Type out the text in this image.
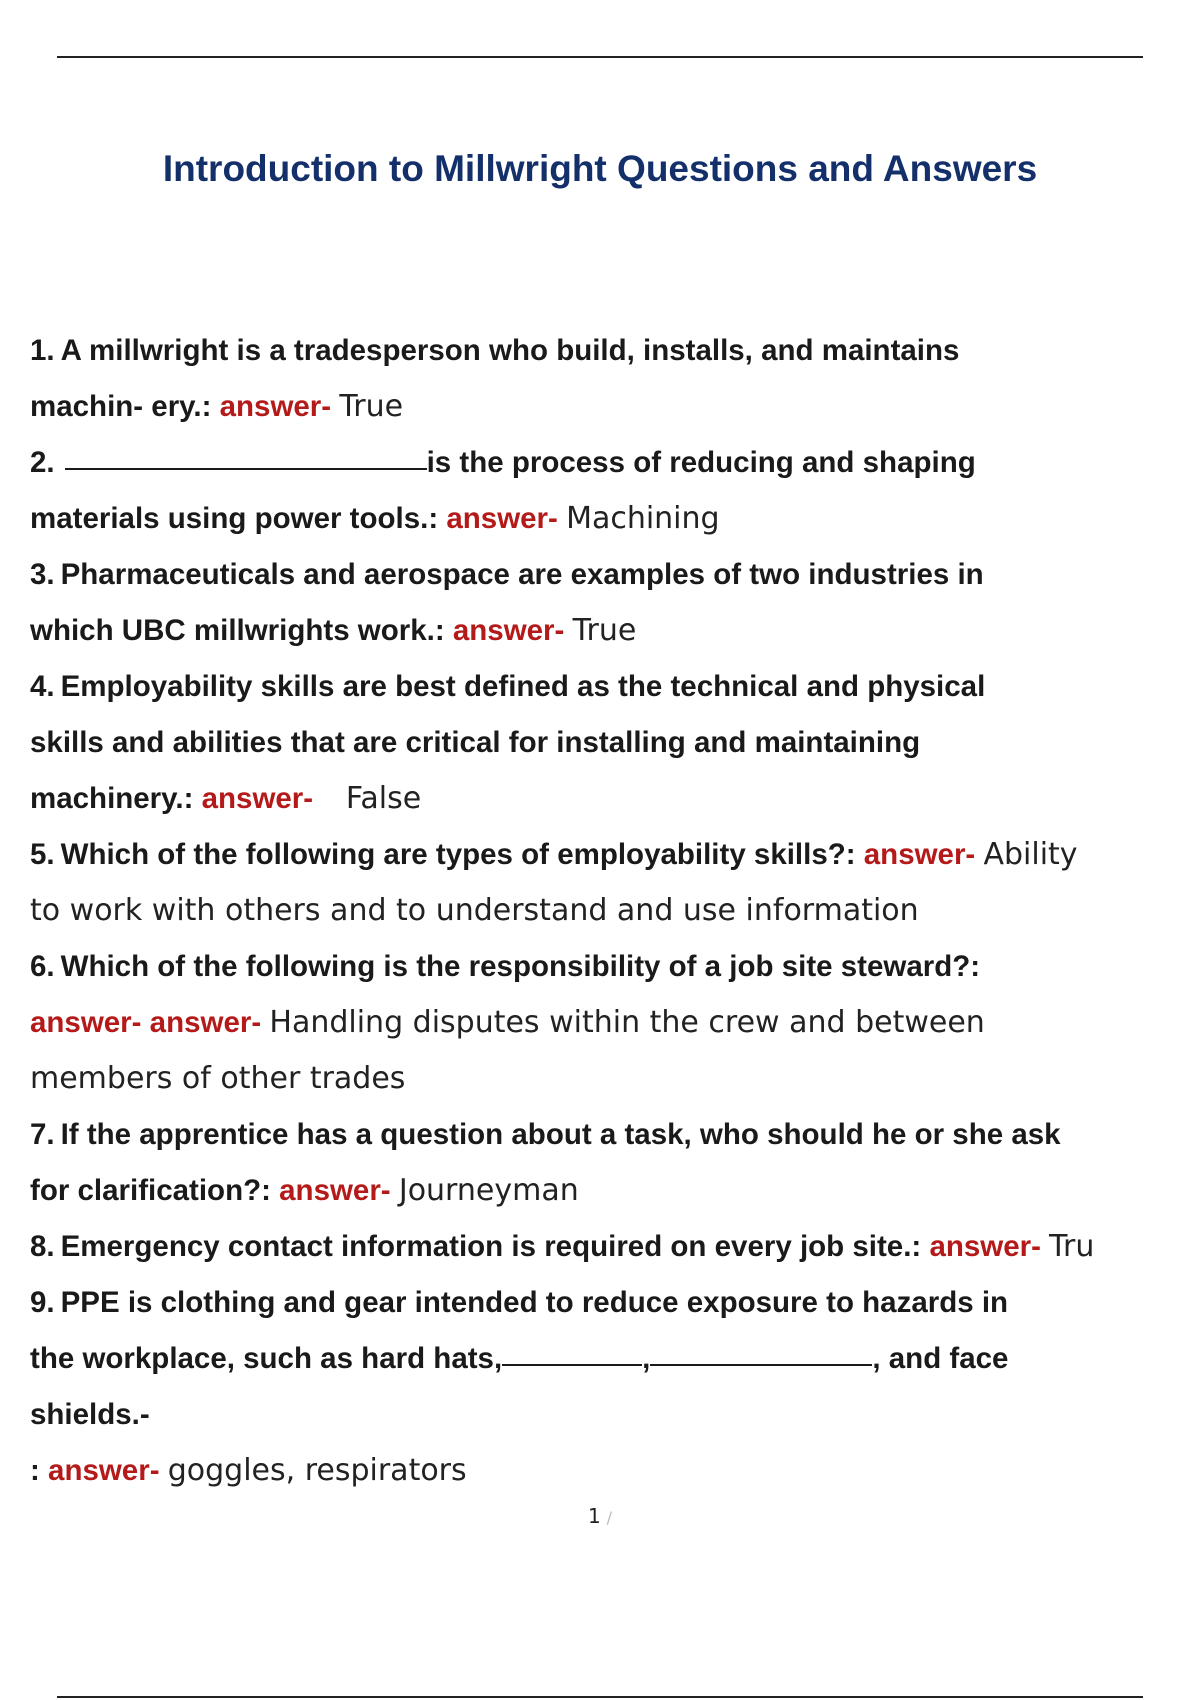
Introduction to Millwright Questions and Answers
1. A millwright is a tradesperson who build, installs, and maintains
machin- ery.: answer- True
2.	is the process of reducing and shaping
materials using power tools.: answer- Machining
3. Pharmaceuticals and aerospace are examples of two industries in
which UBC millwrights work.: answer- True
4. Employability skills are best defined as the technical and physical
skills and abilities that are critical for installing and maintaining
machinery.: answer- False
5. Which of the following are types of employability skills?: answer- Ability
to work with others and to understand and use information
6. Which of the following is the responsibility of a job site steward?:
answer- answer- Handling disputes within the crew and between
members of other trades
7. If the apprentice has a question about a task, who should he or she ask
for clarification?: answer- Journeyman
8. Emergency contact information is required on every job site.: answer- Tru
9. PPE is clothing and gear intended to reduce exposure to hazards in
the workplace, such as hard hats,	,	, and face
shields.-
: answer- goggles, respirators
1 /
